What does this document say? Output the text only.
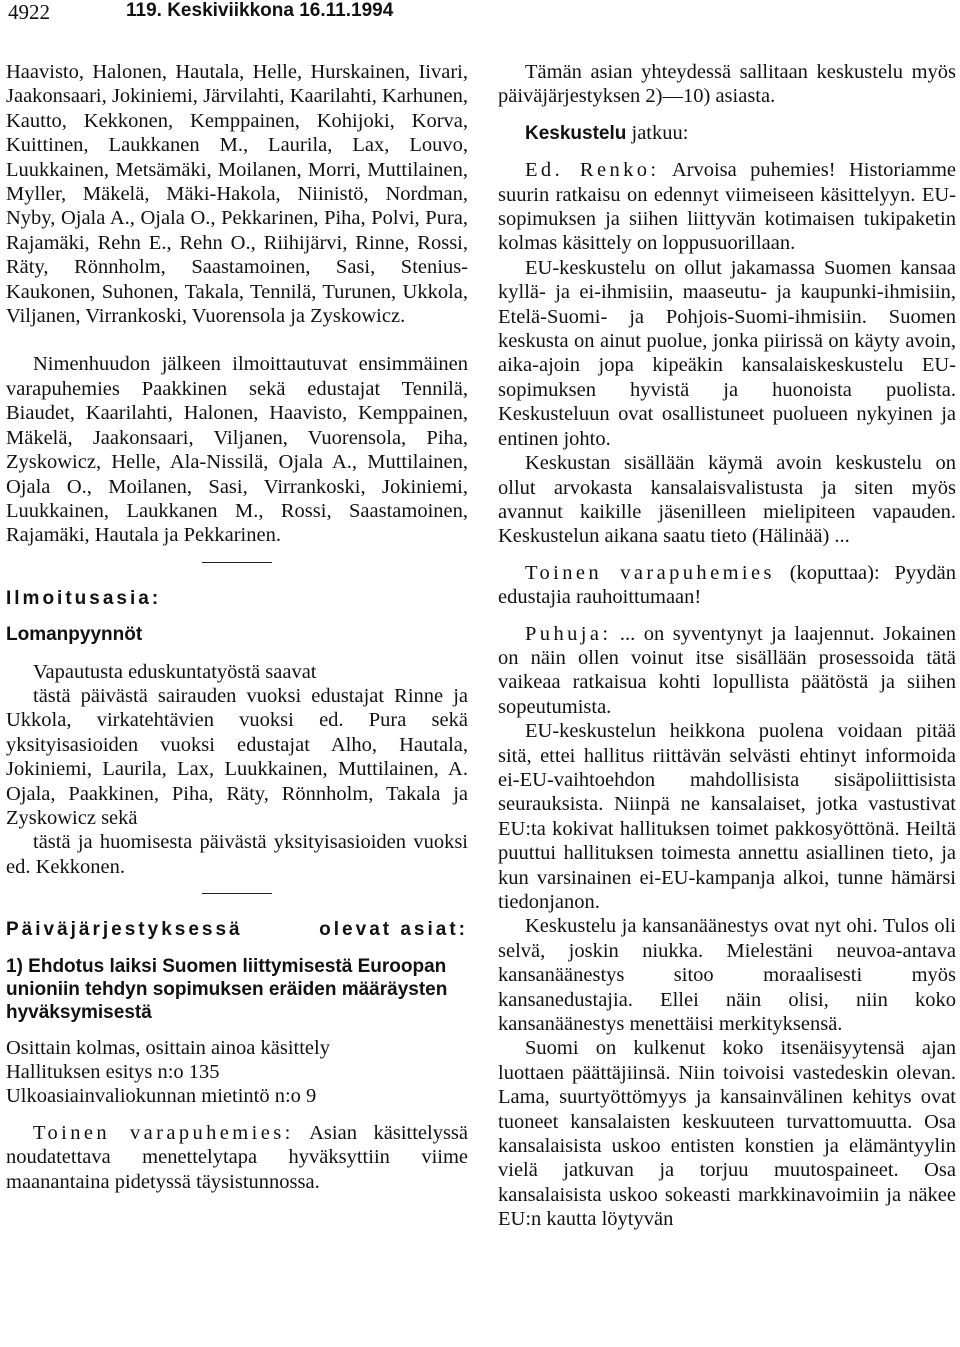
4922	119. Keskiviikkona 16.11.1994

Haavisto, Halonen, Hautala, Helle, Hurskainen, Iivari, Jaakonsaari, Jokiniemi, Järvilahti, Kaarilahti, Karhunen, Kautto, Kekkonen, Kemppainen, Kohijoki, Korva, Kuittinen, Laukkanen M., Laurila, Lax, Louvo, Luukkainen, Metsämäki, Moilanen, Morri, Muttilainen, Myller, Mäkelä, Mäki-Hakola, Niinistö, Nordman, Nyby, Ojala A., Ojala O., Pekkarinen, Piha, Polvi, Pura, Rajamäki, Rehn E., Rehn O., Riihijärvi, Rinne, Rossi, Räty, Rönnholm, Saastamoinen, Sasi, Stenius-Kaukonen, Suhonen, Takala, Tennilä, Turunen, Ukkola, Viljanen, Virrankoski, Vuorensola ja Zyskowicz.

Nimenhuudon jälkeen ilmoittautuvat ensimmäinen varapuhemies Paakkinen sekä edustajat Tennilä, Biaudet, Kaarilahti, Halonen, Haavisto, Kemppainen, Mäkelä, Jaakonsaari, Viljanen, Vuorensola, Piha, Zyskowicz, Helle, Ala-Nissilä, Ojala A., Muttilainen, Ojala O., Moilanen, Sasi, Virrankoski, Jokiniemi, Luukkainen, Laukkanen M., Rossi, Saastamoinen, Rajamäki, Hautala ja Pekkarinen.

Ilmoitusasia:

Lomanpyynnöt

Vapautusta eduskuntatyöstä saavat

tästä päivästä sairauden vuoksi edustajat Rinne ja Ukkola, virkatehtävien vuoksi ed. Pura sekä yksityisasioiden vuoksi edustajat Alho, Hautala, Jokiniemi, Laurila, Lax, Luukkainen, Muttilainen, A. Ojala, Paakkinen, Piha, Räty, Rönnholm, Takala ja Zyskowicz sekä

tästä ja huomisesta päivästä yksityisasioiden vuoksi ed. Kekkonen.

Päiväjärjestyksessä	olevat asiat:

1) Ehdotus laiksi Suomen liittymisestä Euroopan unioniin tehdyn sopimuksen eräiden määräysten hyväksymisestä

Osittain kolmas, osittain ainoa käsittely

Hallituksen esitys n:o 135

Ulkoasiainvaliokunnan mietintö n:o 9

Toinen varapuhemies: Asian käsittelyssä noudatettava menettelytapa hyväksyttiin viime maanantaina pidetyssä täysistunnossa.

Tämän asian yhteydessä sallitaan keskustelu myös päiväjärjestyksen 2)—10) asiasta.

Keskustelu jatkuu:

Ed. Renko: Arvoisa puhemies! Historiamme suurin ratkaisu on edennyt viimeiseen käsittelyyn. EU-sopimuksen ja siihen liittyvän kotimaisen tukipaketin kolmas käsittely on loppusuorillaan.

EU-keskustelu on ollut jakamassa Suomen kansaa kyllä- ja ei-ihmisiin, maaseutu- ja kaupunki-ihmisiin, Etelä-Suomi- ja Pohjois-Suomi-ihmisiin. Suomen keskusta on ainut puolue, jonka piirissä on käyty avoin, aika-ajoin jopa kipeäkin kansalaiskeskustelu EU-sopimuksen hyvistä ja huonoista puolista. Keskusteluun ovat osallistuneet puolueen nykyinen ja entinen johto.

Keskustan sisällään käymä avoin keskustelu on ollut arvokasta kansalaisvalistusta ja siten myös avannut kaikille jäsenilleen mielipiteen vapauden. Keskustelun aikana saatu tieto (Hälinää) ...

Toinen varapuhemies (koputtaa): Pyydän edustajia rauhoittumaan!

Puhuja: ... on syventynyt ja laajennut. Jokainen on näin ollen voinut itse sisällään prosessoida tätä vaikeaa ratkaisua kohti lopullista päätöstä ja siihen sopeutumista.

EU-keskustelun heikkona puolena voidaan pitää sitä, ettei hallitus riittävän selvästi ehtinyt informoida ei-EU-vaihtoehdon mahdollisista sisäpoliittisista seurauksista. Niinpä ne kansalaiset, jotka vastustivat EU:ta kokivat hallituksen toimet pakkosyöttönä. Heiltä puuttui hallituksen toimesta annettu asiallinen tieto, ja kun varsinainen ei-EU-kampanja alkoi, tunne hämärsi tiedonjanon.

Keskustelu ja kansanäänestys ovat nyt ohi. Tulos oli selvä, joskin niukka. Mielestäni neuvoa-antava kansanäänestys sitoo moraalisesti myös kansanedustajia. Ellei näin olisi, niin koko kansanäänestys menettäisi merkityksensä.

Suomi on kulkenut koko itsenäisyytensä ajan luottaen päättäjiinsä. Niin toivoisi vastedeskin olevan. Lama, suurtyöttömyys ja kansainvälinen kehitys ovat tuoneet kansalaisten keskuuteen turvattomuutta. Osa kansalaisista uskoo entisten konstien ja elämäntyylin vielä jatkuvan ja torjuu muutospaineet. Osa kansalaisista uskoo sokeasti markkinavoimiin ja näkee EU:n kautta löytyvän
